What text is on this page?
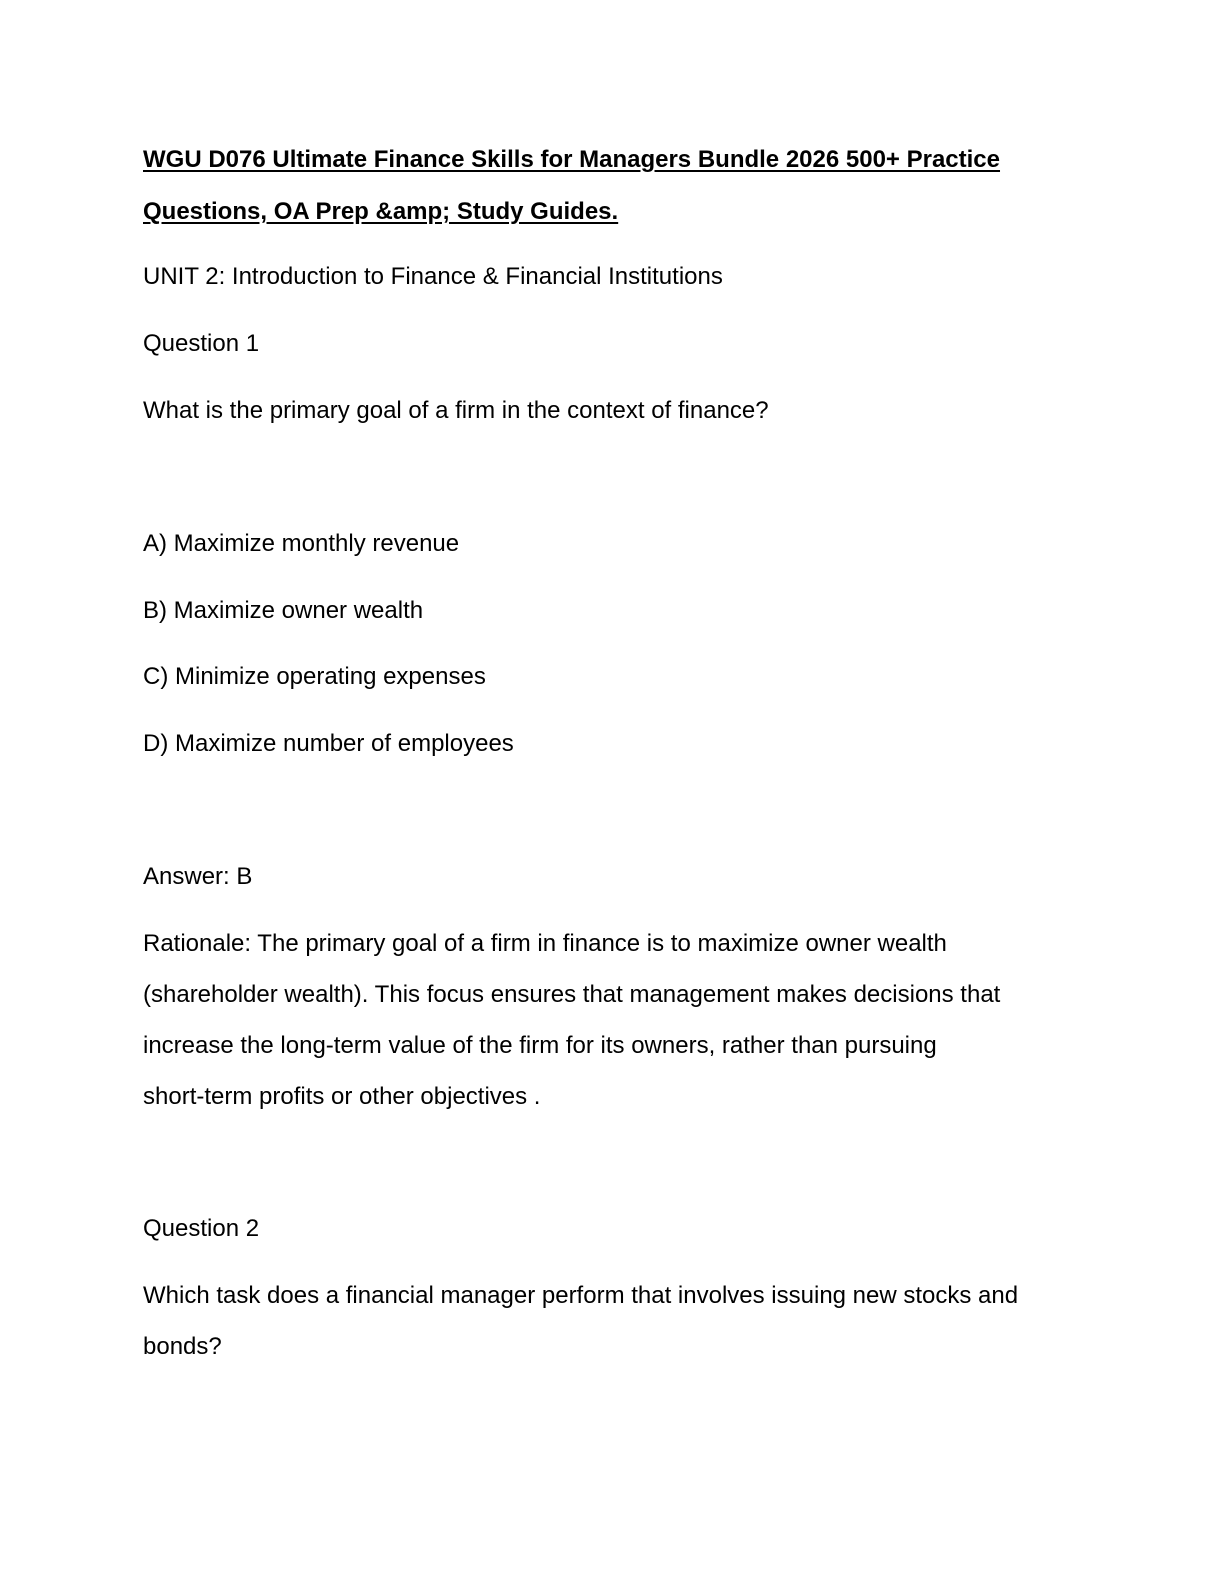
WGU D076 Ultimate Finance Skills for Managers Bundle 2026 500+ Practice

Questions, OA Prep &amp; Study Guides.

UNIT 2: Introduction to Finance & Financial Institutions

Question 1

What is the primary goal of a firm in the context of finance?

A) Maximize monthly revenue

B) Maximize owner wealth

C) Minimize operating expenses

D) Maximize number of employees

Answer: B

Rationale: The primary goal of a firm in finance is to maximize owner wealth

(shareholder wealth). This focus ensures that management makes decisions that

increase the long-term value of the firm for its owners, rather than pursuing

short-term profits or other objectives .

Question 2

Which task does a financial manager perform that involves issuing new stocks and

bonds?
